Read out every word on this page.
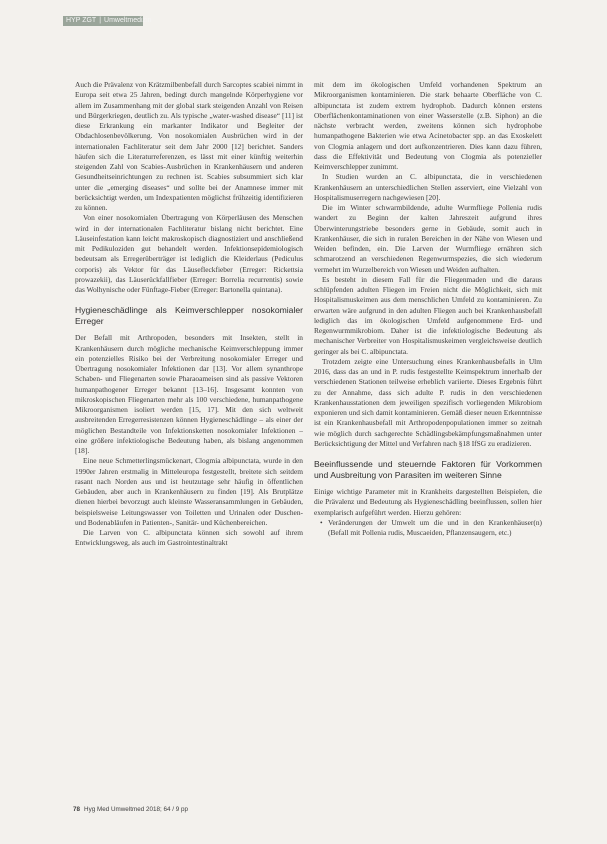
HYP ZGT | Umweltmedizin

Auch die Prävalenz von Krätzmilbenbefall durch Sarcoptes scabiei nimmt in Europa seit etwa 25 Jahren, bedingt durch mangelnde Körperhygiene vor allem im Zusammenhang mit der global stark steigenden Anzahl von Reisen und Bürgerkriegen, deutlich zu. Als typische „water-washed disease“ [11] ist diese Erkrankung ein markanter Indikator und Begleiter der Obdachlosenbevölkerung. Von nosokomialen Ausbrüchen wird in der internationalen Fachliteratur seit dem Jahr 2000 [12] berichtet. Sanders häufen sich die Literaturreferenzen, es lässt mit einer künftig weiterhin steigenden Zahl von Scabies-Ausbrüchen in Krankenhäusern und anderen Gesundheitseinrichtungen zu rechnen ist. Scabies subsummiert sich klar unter die „emerging diseases“ und sollte bei der Anamnese immer mit berücksichtigt werden, um Indexpatienten möglichst frühzeitig identifizieren zu können.

Von einer nosokomialen Übertragung von Körperläusen des Menschen wird in der internationalen Fachliteratur bislang nicht berichtet. Eine Läuseinfestation kann leicht makroskopisch diagnostiziert und anschließend mit Pedikuloziden gut behandelt werden. Infektionsepidemiologisch bedeutsam als Erregerüberträger ist lediglich die Kleiderlaus (Pediculus corporis) als Vektor für das Läusefleckfieber (Erreger: Rickettsia prowazekii), das Läuserückfallfieber (Erreger: Borrelia recurrentis) sowie das Wolhynische oder Fünftage-Fieber (Erreger: Bartonella quintana).

Hygieneschädlinge als Keimverschlepper nosokomialer Erreger

Der Befall mit Arthropoden, besonders mit Insekten, stellt in Krankenhäusern durch mögliche mechanische Keimverschleppung immer ein potenzielles Risiko bei der Verbreitung nosokomialer Erreger und Übertragung nosokomialer Infektionen dar [13]. Vor allem synanthrope Schaben- und Fliegenarten sowie Pharaoameisen sind als passive Vektoren humanpathogener Erreger bekannt [13–16]. Insgesamt konnten von mikroskopischen Fliegenarten mehr als 100 verschiedene, humanpathogene Mikroorganismen isoliert werden [15, 17]. Mit den sich weltweit ausbreitenden Erregerresistenzen können Hygieneschädlinge – als einer der möglichen Bestandteile von Infektionsketten nosokomialer Infektionen – eine größere infektiologische Bedeutung haben, als bislang angenommen [18].

Eine neue Schmetterlingsmückenart, Clogmia albipunctata, wurde in den 1990er Jahren erstmalig in Mitteleuropa festgestellt, breitete sich seitdem rasant nach Norden aus und ist heutzutage sehr häufig in öffentlichen Gebäuden, aber auch in Krankenhäusern zu finden [19]. Als Brutplätze dienen hierbei bevorzugt auch kleinste Wasseransammlungen in Gebäuden, beispielsweise Leitungswasser von Toiletten und Urinalen oder Duschen- und Bodenabläufen in Patienten-, Sanitär- und Küchenbereichen.

Die Larven von C. albipunctata können sich sowohl auf ihrem Entwicklungsweg, als auch im Gastrointestinaltrakt

mit dem im ökologischen Umfeld vorhandenen Spektrum an Mikroorganismen kontaminieren. Die stark behaarte Oberfläche von C. albipunctata ist zudem extrem hydrophob. Dadurch können erstens Oberflächenkontaminationen von einer Wasserstelle (z.B. Siphon) an die nächste verbracht werden, zweitens können sich hydrophobe humanpathogene Bakterien wie etwa Acinetobacter spp. an das Exoskelett von Clogmia anlagern und dort aufkonzentrieren. Dies kann dazu führen, dass die Effektivität und Bedeutung von Clogmia als potenzieller Keimverschlepper zunimmt.

In Studien wurden an C. albipunctata, die in verschiedenen Krankenhäusern an unterschiedlichen Stellen asserviert, eine Vielzahl von Hospitalismuserregern nachgewiesen [20].

Die im Winter schwarmbildende, adulte Wurmfliege Pollenia rudis wandert zu Beginn der kalten Jahreszeit aufgrund ihres Überwinterungstriebe besonders gerne in Gebäude, somit auch in Krankenhäuser, die sich in ruralen Bereichen in der Nähe von Wiesen und Weiden befinden, ein. Die Larven der Wurmfliege ernähren sich schmarotzend an verschiedenen Regenwurmspezies, die sich wiederum vermehrt im Wurzelbereich von Wiesen und Weiden aufhalten.

Es besteht in diesem Fall für die Fliegenmaden und die daraus schlüpfenden adulten Fliegen im Freien nicht die Möglichkeit, sich mit Hospitalismuskeimen aus dem menschlichen Umfeld zu kontaminieren. Zu erwarten wäre aufgrund in den adulten Fliegen auch bei Krankenhausbefall lediglich das im ökologischen Umfeld aufgenommene Erd- und Regenwurmmikrobiom. Daher ist die infektiologische Bedeutung als mechanischer Verbreiter von Hospitalismuskeimen vergleichsweise deutlich geringer als bei C. albipunctata.

Trotzdem zeigte eine Untersuchung eines Krankenhausbefalls in Ulm 2016, dass das an und in P. rudis festgestellte Keimspektrum innerhalb der verschiedenen Stationen teilweise erheblich variierte. Dieses Ergebnis führt zu der Annahme, dass sich adulte P. rudis in den verschiedenen Krankenhausstationen dem jeweiligen spezifisch vorliegenden Mikrobiom exponieren und sich damit kontaminieren. Gemäß dieser neuen Erkenntnisse ist ein Krankenhausbefall mit Arthropodenpopulationen immer so zeitnah wie möglich durch sachgerechte Schädlingsbekämpfungsmaßnahmen unter Berücksichtigung der Mittel und Verfahren nach §18 IfSG zu eradizieren.

Beeinflussende und steuernde Faktoren für Vorkommen und Ausbreitung von Parasiten im weiteren Sinne

Einige wichtige Parameter mit in Krankheits dargestellten Beispielen, die die Prävalenz und Bedeutung als Hygieneschädling beeinflussen, sollen hier exemplarisch aufgeführt werden. Hierzu gehören:

• Veränderungen der Umwelt um die und in den Krankenhäuser(n) (Befall mit Pollenia rudis, Muscaeiden, Pflanzensaugern, etc.)
78 Hyg Med Umweltmed 2018; 64 / 9 pp
